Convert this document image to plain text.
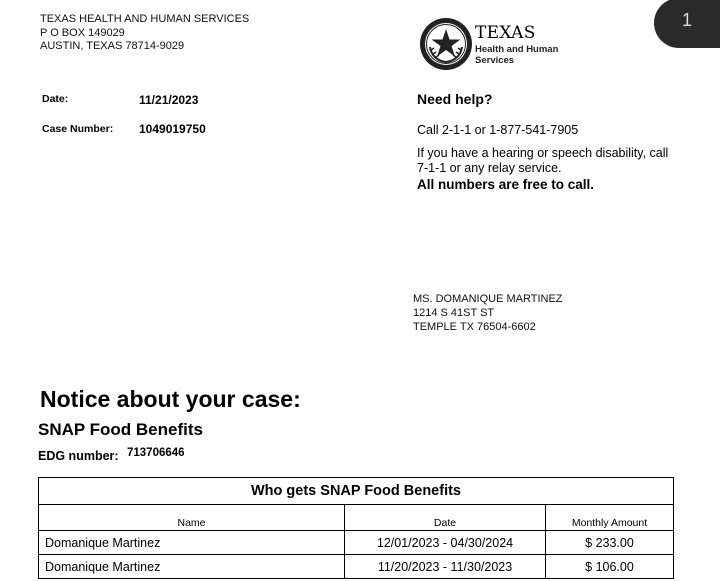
TEXAS HEALTH AND HUMAN SERVICES
P O BOX 149029
AUSTIN, TEXAS 78714-9029
TEXAS
Health and Human
Services
1
Date:	11/21/2023
Case Number: 1049019750
Need help?
Call 2-1-1 or 1-877-541-7905
If you have a hearing or speech disability, call 7-1-1 or any relay service.
All numbers are free to call.
MS. DOMANIQUE MARTINEZ
1214 S 41ST ST
TEMPLE TX 76504-6602
Notice about your case:
SNAP Food Benefits
EDG number: 713706646
Who gets SNAP Food Benefits		
Name	Date	Monthly Amount
Domanique Martinez	12/01/2023 - 04/30/2024	$ 233.00
Domanique Martinez	11/20/2023 - 11/30/2023	$ 106.00
